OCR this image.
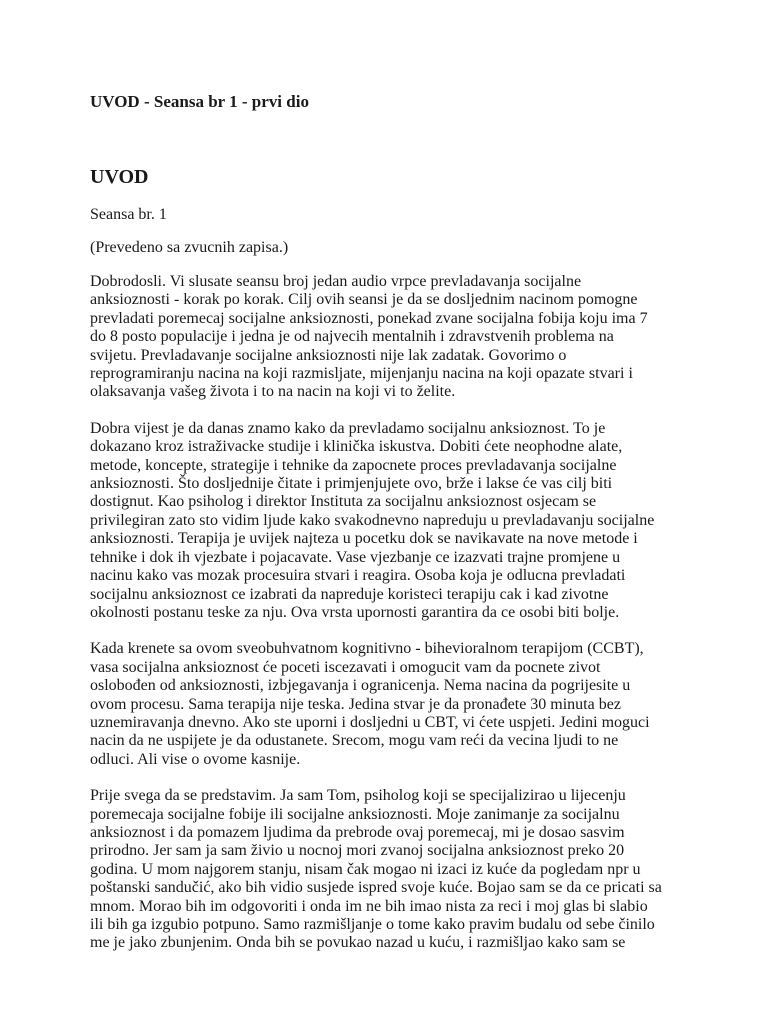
UVOD - Seansa br 1 - prvi dio
UVOD

Seansa br. 1

(Prevedeno sa zvucnih zapisa.)

Dobrodosli. Vi slusate seansu broj jedan audio vrpce prevladavanja socijalne
anksioznosti - korak po korak. Cilj ovih seansi je da se dosljednim nacinom pomogne
prevladati poremecaj socijalne anksioznosti, ponekad zvane socijalna fobija koju ima 7
do 8 posto populacije i jedna je od najvecih mentalnih i zdravstvenih problema na
svijetu. Prevladavanje socijalne anksioznosti nije lak zadatak. Govorimo o
reprogramiranju nacina na koji razmisljate, mijenjanju nacina na koji opazate stvari i
olaksavanja vašeg života i to na nacin na koji vi to želite.

Dobra vijest je da danas znamo kako da prevladamo socijalnu anksioznost. To je
dokazano kroz istraživacke studije i klinička iskustva. Dobiti ćete neophodne alate,
metode, koncepte, strategije i tehnike da zapocnete proces prevladavanja socijalne
anksioznosti. Što dosljednije čitate i primjenjujete ovo, brže i lakse će vas cilj biti
dostignut. Kao psiholog i direktor Instituta za socijalnu anksioznost osjecam se
privilegiran zato sto vidim ljude kako svakodnevno napreduju u prevladavanju socijalne
anksioznosti. Terapija je uvijek najteza u pocetku dok se navikavate na nove metode i
tehnike i dok ih vjezbate i pojacavate. Vase vjezbanje ce izazvati trajne promjene u
nacinu kako vas mozak procesuira stvari i reagira. Osoba koja je odlucna prevladati
socijalnu anksioznost ce izabrati da napreduje koristeci terapiju cak i kad zivotne
okolnosti postanu teske za nju. Ova vrsta upornosti garantira da ce osobi biti bolje.

Kada krenete sa ovom sveobuhvatnom kognitivno - bihevioralnom terapijom (CCBT),
vasa socijalna anksioznost će poceti iscezavati i omogucit vam da pocnete zivot
oslobođen od anksioznosti, izbjegavanja i ogranicenja. Nema nacina da pogrijesite u
ovom procesu. Sama terapija nije teska. Jedina stvar je da pronađete 30 minuta bez
uznemiravanja dnevno. Ako ste uporni i dosljedni u CBT, vi ćete uspjeti. Jedini moguci
nacin da ne uspijete je da odustanete. Srecom, mogu vam reći da vecina ljudi to ne
odluci. Ali vise o ovome kasnije.

Prije svega da se predstavim. Ja sam Tom, psiholog koji se specijalizirao u lijecenju
poremecaja socijalne fobije ili socijalne anksioznosti. Moje zanimanje za socijalnu
anksioznost i da pomazem ljudima da prebrode ovaj poremecaj, mi je dosao sasvim
prirodno. Jer sam ja sam živio u nocnoj mori zvanoj socijalna anksioznost preko 20
godina. U mom najgorem stanju, nisam čak mogao ni izaci iz kuće da pogledam npr u
poštanski sandučić, ako bih vidio susjede ispred svoje kuće. Bojao sam se da ce pricati sa
mnom. Morao bih im odgovoriti i onda im ne bih imao nista za reci i moj glas bi slabio
ili bih ga izgubio potpuno. Samo razmišljanje o tome kako pravim budalu od sebe činilo
me je jako zbunjenim. Onda bih se povukao nazad u kuću, i razmišljao kako sam se
